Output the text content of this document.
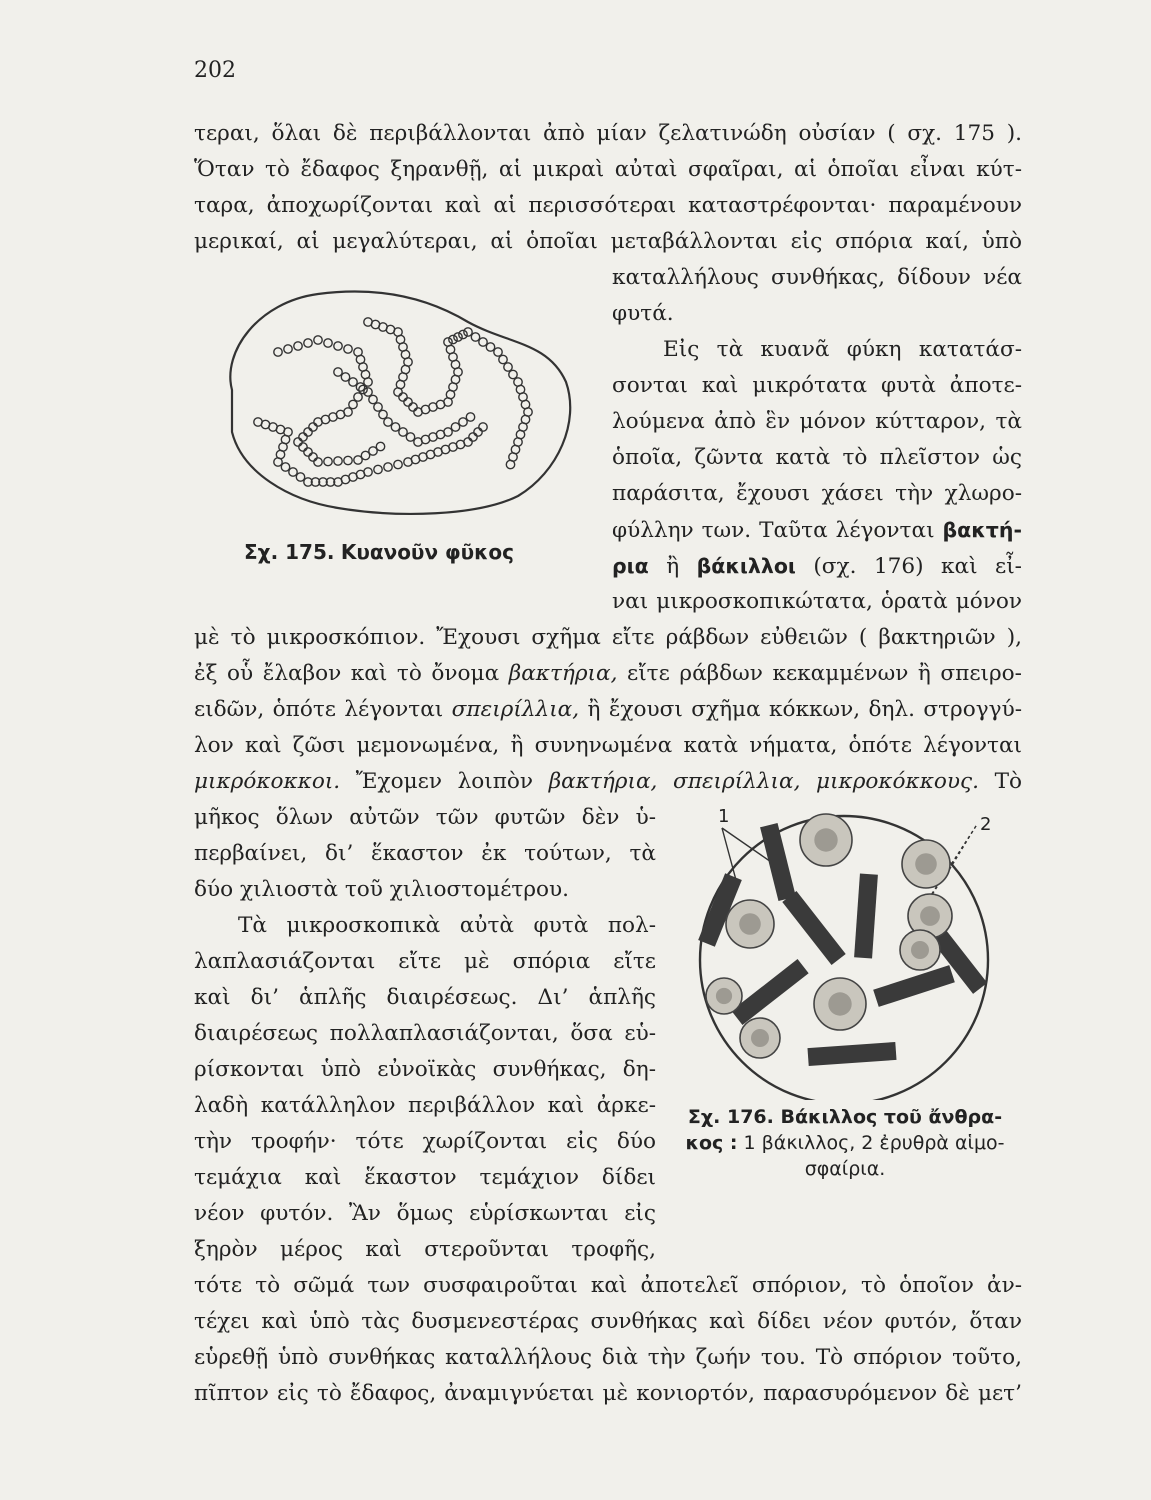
202
τεραι, ὅλαι δὲ περιβάλλονται ἀπὸ μίαν ζελατινώδη οὐσίαν ( σχ. 175 ).
Ὅταν τὸ ἔδαφος ξηρανθῇ, αἱ μικραὶ αὐταὶ σφαῖραι, αἱ ὁποῖαι εἶναι κύτ-
ταρα, ἀποχωρίζονται καὶ αἱ περισσότεραι καταστρέφονται· παραμένουν
μερικαί, αἱ μεγαλύτεραι, αἱ ὁποῖαι μεταβάλλονται εἰς σπόρια καί, ὑπὸ
καταλλήλους συνθήκας, δίδουν νέα
φυτά.
Εἰς τὰ κυανᾶ φύκη κατατάσ-
σονται καὶ μικρότατα φυτὰ ἀποτε-
λούμενα ἀπὸ ἓν μόνον κύτταρον, τὰ
ὁποῖα, ζῶντα κατὰ τὸ πλεῖστον ὡς
παράσιτα, ἔχουσι χάσει τὴν χλωρο-
φύλλην των. Ταῦτα λέγονται βακτή-
ρια ἢ βάκιλλοι (σχ. 176) καὶ εἶ-
ναι μικροσκοπικώτατα, ὁρατὰ μόνον
μὲ τὸ μικροσκόπιον. Ἔχουσι σχῆμα εἴτε ράβδων εὐθειῶν ( βακτηριῶν ),
ἐξ οὗ ἔλαβον καὶ τὸ ὄνομα βακτήρια, εἴτε ράβδων κεκαμμένων ἢ σπειρο-
ειδῶν, ὁπότε λέγονται σπειρίλλια, ἢ ἔχουσι σχῆμα κόκκων, δηλ. στρογγύ-
λον καὶ ζῶσι μεμονωμένα, ἢ συνηνωμένα κατὰ νήματα, ὁπότε λέγονται
μικρόκοκκοι. Ἔχομεν λοιπὸν βακτήρια, σπειρίλλια, μικροκόκκους. Τὸ
μῆκος ὅλων αὐτῶν τῶν φυτῶν δὲν ὑ-
περβαίνει, δι’ ἕκαστον ἐκ τούτων, τὰ
δύο χιλιοστὰ τοῦ χιλιοστομέτρου.
Τὰ μικροσκοπικὰ αὐτὰ φυτὰ πολ-
λαπλασιάζονται εἴτε μὲ σπόρια εἴτε
καὶ δι’ ἁπλῆς διαιρέσεως. Δι’ ἁπλῆς
διαιρέσεως πολλαπλασιάζονται, ὅσα εὑ-
ρίσκονται ὑπὸ εὐνοϊκὰς συνθήκας, δη-
λαδὴ κατάλληλον περιβάλλον καὶ ἀρκε-
τὴν τροφήν· τότε χωρίζονται εἰς δύο
τεμάχια καὶ ἕκαστον τεμάχιον δίδει
νέον φυτόν. Ἂν ὅμως εὑρίσκωνται εἰς
ξηρὸν μέρος καὶ στεροῦνται τροφῆς,
τότε τὸ σῶμά των συσφαιροῦται καὶ ἀποτελεῖ σπόριον, τὸ ὁποῖον ἀν-
τέχει καὶ ὑπὸ τὰς δυσμενεστέρας συνθήκας καὶ δίδει νέον φυτόν, ὅταν
εὑρεθῇ ὑπὸ συνθήκας καταλλήλους διὰ τὴν ζωήν του. Τὸ σπόριον τοῦτο,
πῖπτον εἰς τὸ ἔδαφος, ἀναμιγνύεται μὲ κονιορτόν, παρασυρόμενον δὲ μετ’
Σχ. 175. Κυανοῦν φῦκος
1	2
Σχ. 176. Βάκιλλος τοῦ ἄνθρα-
κος : 1 βάκιλλος, 2 ἐρυθρὰ αἱμο-
σφαίρια.
